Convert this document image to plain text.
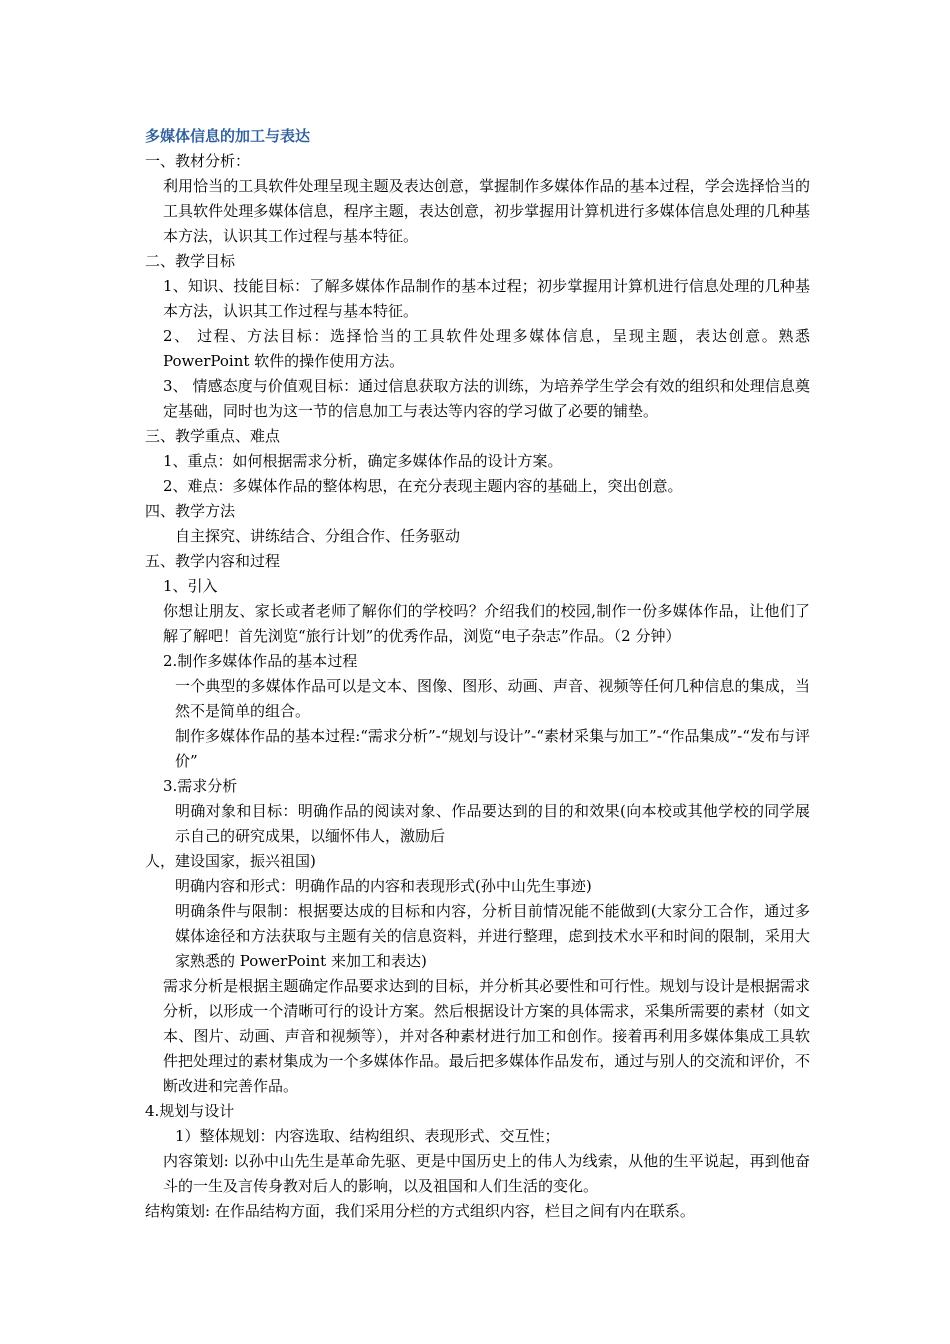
多媒体信息的加工与表达

一、教材分析：

利用恰当的工具软件处理呈现主题及表达创意，掌握制作多媒体作品的基本过程，学会选择恰当的工具软件处理多媒体信息，程序主题，表达创意，初步掌握用计算机进行多媒体信息处理的几种基本方法，认识其工作过程与基本特征。

二、教学目标

1、知识、技能目标：了解多媒体作品制作的基本过程；初步掌握用计算机进行信息处理的几种基本方法，认识其工作过程与基本特征。

2、 过程、方法目标：选择恰当的工具软件处理多媒体信息，呈现主题，表达创意。熟悉PowerPoint 软件的操作使用方法。

3、 情感态度与价值观目标：通过信息获取方法的训练，为培养学生学会有效的组织和处理信息奠定基础，同时也为这一节的信息加工与表达等内容的学习做了必要的铺垫。

三、教学重点、难点

1、重点：如何根据需求分析，确定多媒体作品的设计方案。

2、难点：多媒体作品的整体构思，在充分表现主题内容的基础上，突出创意。

四、教学方法

自主探究、讲练结合、分组合作、任务驱动

五、教学内容和过程

1、引入

你想让朋友、家长或者老师了解你们的学校吗？介绍我们的校园,制作一份多媒体作品，让他们了解了解吧！首先浏览“旅行计划”的优秀作品，浏览“电子杂志”作品。（2 分钟）

2.制作多媒体作品的基本过程

一个典型的多媒体作品可以是文本、图像、图形、动画、声音、视频等任何几种信息的集成，当然不是简单的组合。

制作多媒体作品的基本过程:“需求分析”-“规划与设计”-“素材采集与加工”-“作品集成”-“发布与评价”

3.需求分析

明确对象和目标：明确作品的阅读对象、作品要达到的目的和效果(向本校或其他学校的同学展示自己的研究成果，以缅怀伟人，激励后

人，建设国家，振兴祖国)

明确内容和形式：明确作品的内容和表现形式(孙中山先生事迹)

明确条件与限制：根据要达成的目标和内容，分析目前情况能不能做到(大家分工合作，通过多媒体途径和方法获取与主题有关的信息资料，并进行整理，虑到技术水平和时间的限制，采用大家熟悉的 PowerPoint 来加工和表达)

需求分析是根据主题确定作品要求达到的目标，并分析其必要性和可行性。规划与设计是根据需求分析，以形成一个清晰可行的设计方案。然后根据设计方案的具体需求，采集所需要的素材（如文本、图片、动画、声音和视频等），并对各种素材进行加工和创作。接着再利用多媒体集成工具软件把处理过的素材集成为一个多媒体作品。最后把多媒体作品发布，通过与别人的交流和评价，不断改进和完善作品。

4.规划与设计

1）整体规划：内容选取、结构组织、表现形式、交互性；

内容策划: 以孙中山先生是革命先驱、更是中国历史上的伟人为线索，从他的生平说起，再到他奋斗的一生及言传身教对后人的影响，以及祖国和人们生活的变化。

结构策划: 在作品结构方面，我们采用分栏的方式组织内容，栏目之间有内在联系。
